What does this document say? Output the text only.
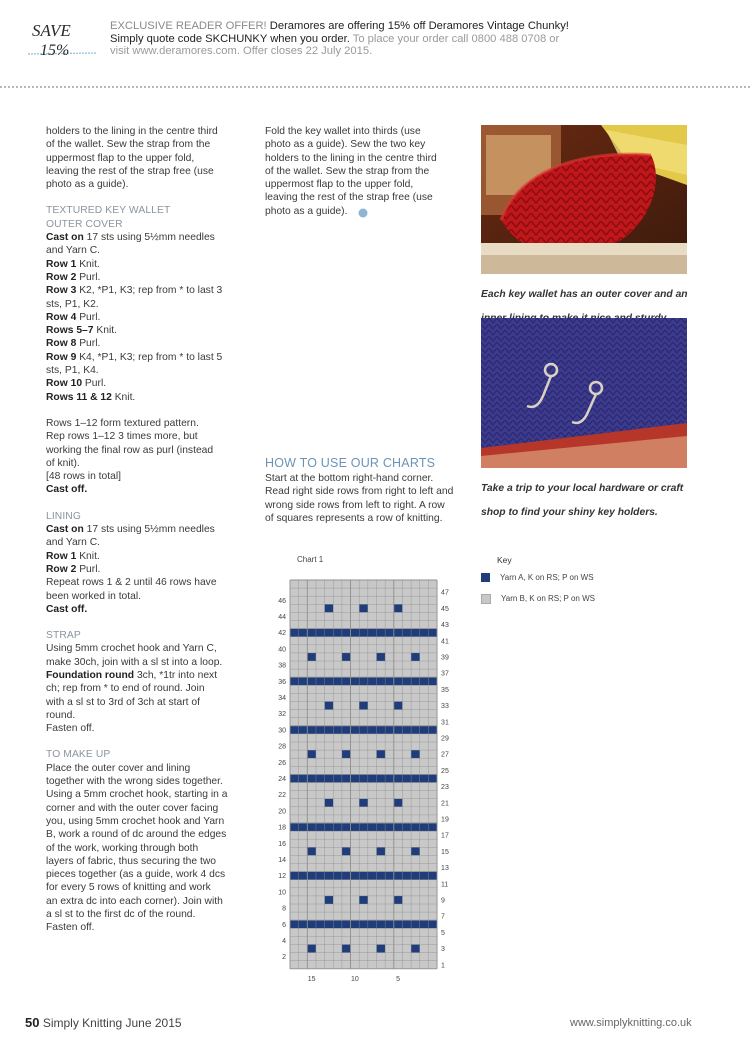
SAVE
15%
EXCLUSIVE READER OFFER! Deramores are offering 15% off Deramores Vintage Chunky!
Simply quote code SKCHUNKY when you order. To place your order call 0800 488 0708 or
visit www.deramores.com. Offer closes 22 July 2015.

holders to the lining in the centre third

of the wallet. Sew the strap from the

uppermost flap to the upper fold,

leaving the rest of the strap free (use

photo as a guide).

TEXTURED KEY WALLET

OUTER COVER

Cast on 17 sts using 5½mm needles

and Yarn C.

Row 1 Knit.

Row 2 Purl.

Row 3 K2, *P1, K3; rep from * to last 3

sts, P1, K2.

Row 4 Purl.

Rows 5–7 Knit.

Row 8 Purl.

Row 9 K4, *P1, K3; rep from * to last 5

sts, P1, K4.

Row 10 Purl.

Rows 11 & 12 Knit.

Rows 1–12 form textured pattern.

Rep rows 1–12 3 times more, but

working the final row as purl (instead

of knit).

[48 rows in total]

Cast off.

LINING

Cast on 17 sts using 5½mm needles

and Yarn C.

Row 1 Knit.

Row 2 Purl.

Repeat rows 1 & 2 until 46 rows have

been worked in total.

Cast off.

STRAP

Using 5mm crochet hook and Yarn C,

make 30ch, join with a sl st into a loop.

Foundation round 3ch, *1tr into next

ch; rep from * to end of round. Join

with a sl st to 3rd of 3ch at start of

round.

Fasten off.

TO MAKE UP

Place the outer cover and lining

together with the wrong sides together.

Using a 5mm crochet hook, starting in a

corner and with the outer cover facing

you, using 5mm crochet hook and Yarn

B, work a round of dc around the edges

of the work, working through both

layers of fabric, thus securing the two

pieces together (as a guide, work 4 dcs

for every 5 rows of knitting and work

an extra dc into each corner). Join with

a sl st to the first dc of the round.

Fasten off.

Fold the key wallet into thirds (use

photo as a guide). Sew the two key

holders to the lining in the centre third

of the wallet. Sew the strap from the

uppermost flap to the upper fold,

leaving the rest of the strap free (use

photo as a guide).

HOW TO USE OUR CHARTS

Start at the bottom right-hand corner.

Read right side rows from right to left and

wrong side rows from left to right. A row

of squares represents a row of knitting.

Each key wallet has an outer cover and an

Take a trip to your local hardware or craft

shop to find your shiny key holders.

Chart 1
46
44
42
40
38
36
34
32
30
28
26
24
22
20
18
16
14
12
10
8
6
4
2
47
45
43
41
39
37
35
33
31
29
27
25
23
21
19
17
15
13
11
9
7
5
3
1
15	10	5
Key
Yarn A, K on RS; P on WS
Yarn B, K on RS; P on WS
50 Simply Knitting June 2015	www.simplyknitting.co.uk
